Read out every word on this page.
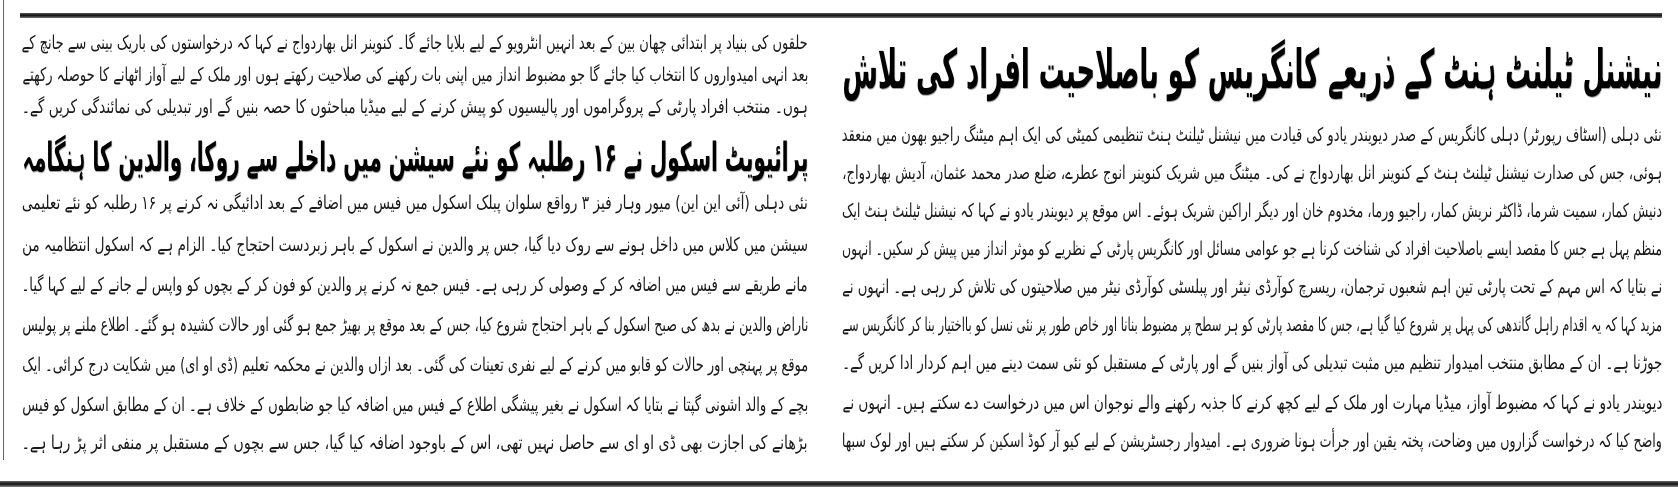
حلقوں کی بنیاد پر ابتدائی چھان بین کے بعد انہیں انٹرویو کے لیے بلایا جائے گا۔ کنوینر انل بھاردواج نے کہا کہ درخواستوں کی باریک بینی سے جانچ کے
بعد انہی امیدواروں کا انتخاب کیا جائے گا جو مضبوط انداز میں اپنی بات رکھنے کی صلاحیت رکھتے ہوں اور ملک کے لیے آواز اٹھانے کا حوصلہ رکھتے
ہوں۔ منتخب افراد پارٹی کے پروگراموں اور پالیسیوں کو پیش کرنے کے لیے میڈیا مباحثوں کا حصہ بنیں گے اور تبدیلی کی نمائندگی کریں گے۔
پرائیویٹ اسکول نے ۱۶ رطلبہ کو نئے سیشن میں داخلے سے روکا، والدین کا ہنگامہ
نئی دہلی (آئی این این) میور وہار فیز ۳ رواقع سلوان پبلک اسکول میں فیس میں اضافے کے بعد ادائیگی نہ کرنے پر ۱۶ رطلبہ کو نئے تعلیمی
سیشن میں کلاس میں داخل ہونے سے روک دیا گیا، جس پر والدین نے اسکول کے باہر زبردست احتجاج کیا۔ الزام ہے کہ اسکول انتظامیہ من
مانے طریقے سے فیس میں اضافہ کر کے وصولی کر رہی ہے۔ فیس جمع نہ کرنے پر والدین کو فون کر کے بچوں کو واپس لے جانے کے لیے کہا گیا۔
ناراض والدین نے بدھ کی صبح اسکول کے باہر احتجاج شروع کیا، جس کے بعد موقع پر بھیڑ جمع ہو گئی اور حالات کشیدہ ہو گئے۔ اطلاع ملنے پر پولیس
موقع پر پہنچی اور حالات کو قابو میں کرنے کے لیے نفری تعینات کی گئی۔ بعد ازاں والدین نے محکمہ تعلیم (ڈی او ای) میں شکایت درج کرائی۔ ایک
بچے کے والد اشونی گپتا نے بتایا کہ اسکول نے بغیر پیشگی اطلاع کے فیس میں اضافہ کیا جو ضابطوں کے خلاف ہے۔ ان کے مطابق اسکول کو فیس
بڑھانے کی اجازت بھی ڈی او ای سے حاصل نہیں تھی، اس کے باوجود اضافہ کیا گیا، جس سے بچوں کے مستقبل پر منفی اثر پڑ رہا ہے۔
نیشنل ٹیلنٹ ہنٹ کے ذریعے کانگریس کو باصلاحیت افراد کی تلاش
نئی دہلی (اسٹاف رپورٹر) دہلی کانگریس کے صدر دیویندر یادو کی قیادت میں نیشنل ٹیلنٹ ہنٹ تنظیمی کمیٹی کی ایک اہم میٹنگ راجیو بھون میں منعقد
ہوئی، جس کی صدارت نیشنل ٹیلنٹ ہنٹ کے کنوینر انل بھاردواج نے کی۔ میٹنگ میں شریک کنوینر انوج عطرے، ضلع صدر محمد عثمان، آدیش بھاردواج،
دنیش کمار، سمیت شرما، ڈاکٹر نریش کمار، راجیو ورما، مخدوم خان اور دیگر اراکین شریک ہوئے۔ اس موقع پر دیویندر یادو نے کہا کہ نیشنل ٹیلنٹ ہنٹ ایک
منظم پہل ہے جس کا مقصد ایسے باصلاحیت افراد کی شناخت کرنا ہے جو عوامی مسائل اور کانگریس پارٹی کے نظریے کو موثر انداز میں پیش کر سکیں۔ انہوں
نے بتایا کہ اس مہم کے تحت پارٹی تین اہم شعبوں ترجمان، ریسرچ کوآرڈی نیٹر اور پبلسٹی کوآرڈی نیٹر میں صلاحیتوں کی تلاش کر رہی ہے۔ انہوں نے
مزید کہا کہ یہ اقدام راہل گاندھی کی پہل پر شروع کیا گیا ہے، جس کا مقصد پارٹی کو ہر سطح پر مضبوط بنانا اور خاص طور پر نئی نسل کو بااختیار بنا کر کانگریس سے
جوڑنا ہے۔ ان کے مطابق منتخب امیدوار تنظیم میں مثبت تبدیلی کی آواز بنیں گے اور پارٹی کے مستقبل کو نئی سمت دینے میں اہم کردار ادا کریں گے۔
دیویندر یادو نے کہا کہ مضبوط آواز، میڈیا مہارت اور ملک کے لیے کچھ کرنے کا جذبہ رکھنے والے نوجوان اس میں درخواست دے سکتے ہیں۔ انہوں نے
واضح کیا کہ درخواست گزاروں میں وضاحت، پختہ یقین اور جرأت ہونا ضروری ہے۔ امیدوار رجسٹریشن کے لیے کیو آر کوڈ اسکین کر سکتے ہیں اور لوک سبھا
